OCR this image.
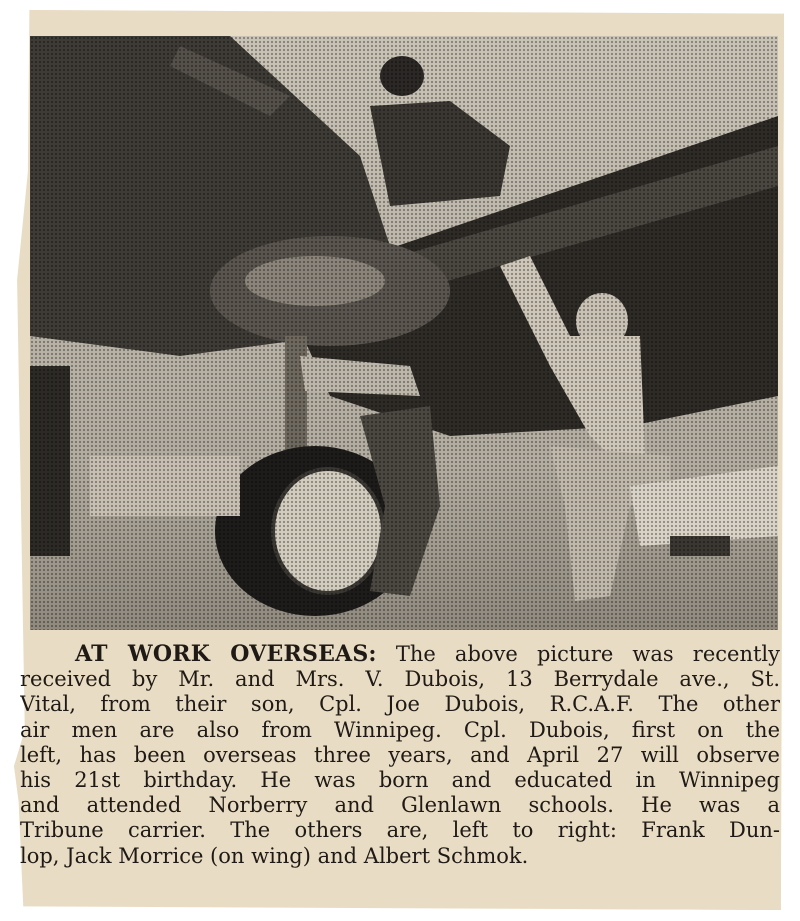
AT WORK OVERSEAS: The above picture was recently
received by Mr. and Mrs. V. Dubois, 13 Berrydale ave., St.
Vital, from their son, Cpl. Joe Dubois, R.C.A.F. The other
air men are also from Winnipeg. Cpl. Dubois, first on the
left, has been overseas three years, and April 27 will observe
his 21st birthday. He was born and educated in Winnipeg
and attended Norberry and Glenlawn schools. He was a
Tribune carrier. The others are, left to right: Frank Dun-
lop, Jack Morrice (on wing) and Albert Schmok.
